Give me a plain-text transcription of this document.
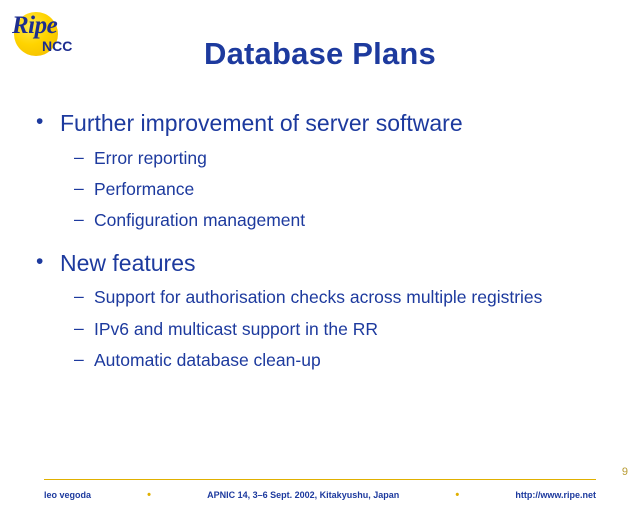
Ripe
NCC	Database Plans
• Further improvement of server software
– Error reporting
– Performance
– Configuration management
• New features
– Support for authorisation checks across multiple registries
– IPv6 and multicast support in the RR
– Automatic database clean-up
9
leo vegoda	•	APNIC 14, 3–6 Sept. 2002, Kitakyushu, Japan	•	http://www.ripe.net
